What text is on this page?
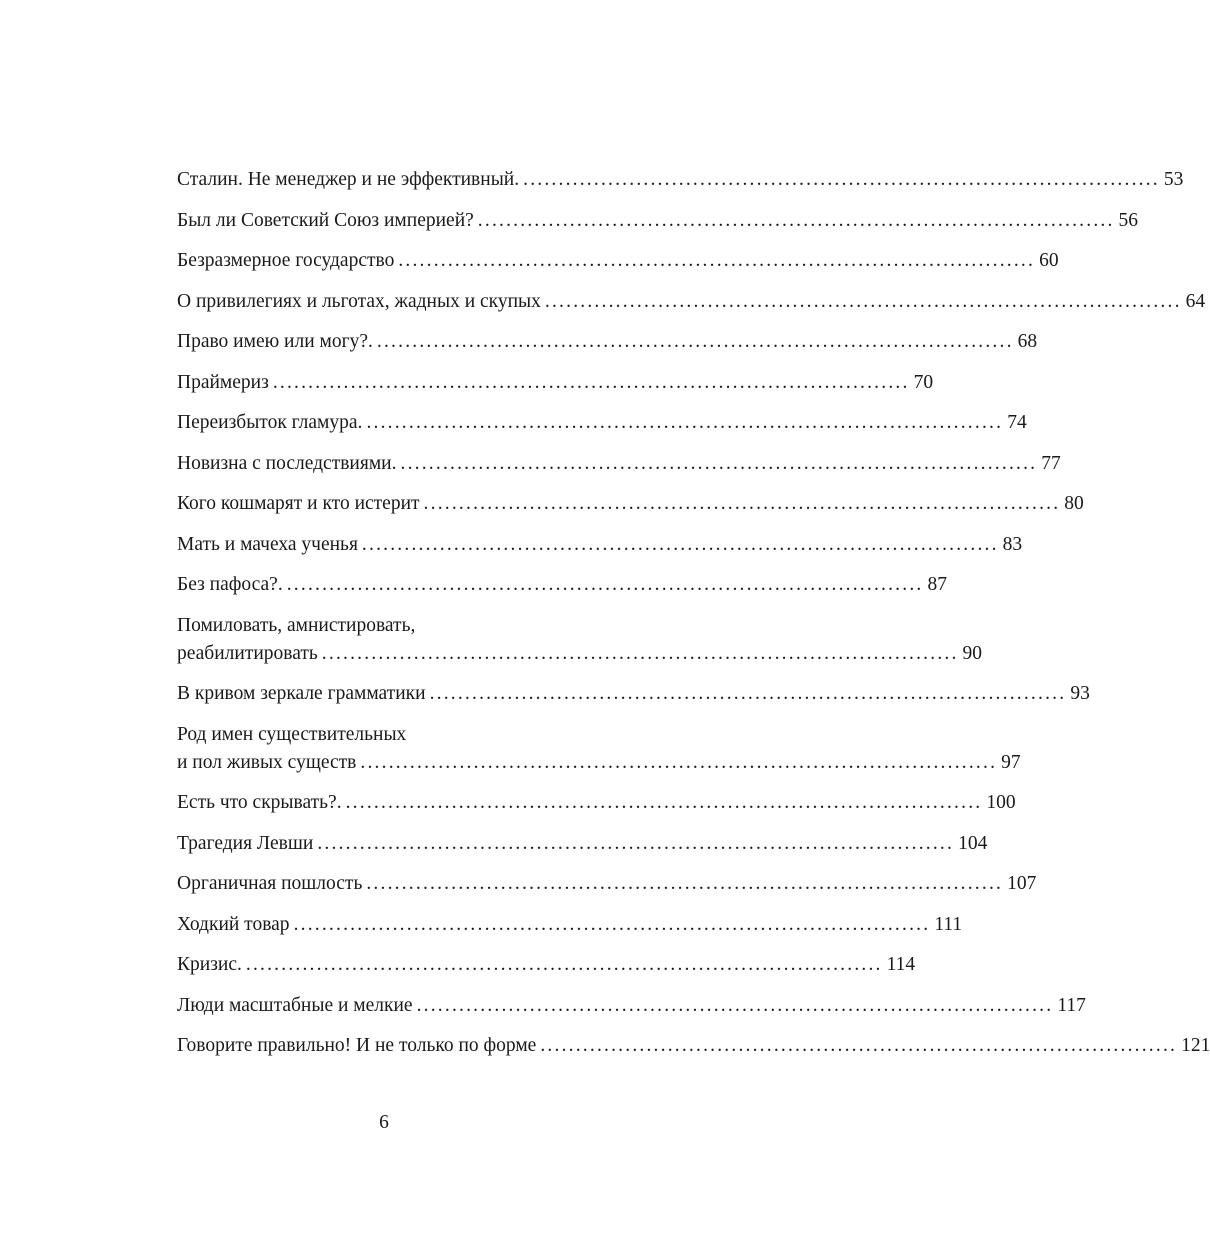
Сталин. Не менеджер и не эффективный. .......................................................................................... 53
Был ли Советский Союз империей? .......................................................................................... 56
Безразмерное государство .......................................................................................... 60
О привилегиях и льготах, жадных и скупых .......................................................................................... 64
Право имею или могу?. .......................................................................................... 68
Праймериз .......................................................................................... 70
Переизбыток гламура. .......................................................................................... 74
Новизна с последствиями. .......................................................................................... 77
Кого кошмарят и кто истерит .......................................................................................... 80
Мать и мачеха ученья .......................................................................................... 83
Без пафоса?. .......................................................................................... 87
Помиловать, амнистировать,
реабилитировать .......................................................................................... 90
В кривом зеркале грамматики .......................................................................................... 93
Род имен существительных
и пол живых существ .......................................................................................... 97
Есть что скрывать?. .......................................................................................... 100
Трагедия Левши .......................................................................................... 104
Органичная пошлость .......................................................................................... 107
Ходкий товар .......................................................................................... 111
Кризис. .......................................................................................... 114
Люди масштабные и мелкие .......................................................................................... 117
Говорите правильно! И не только по форме .......................................................................................... 121
6
